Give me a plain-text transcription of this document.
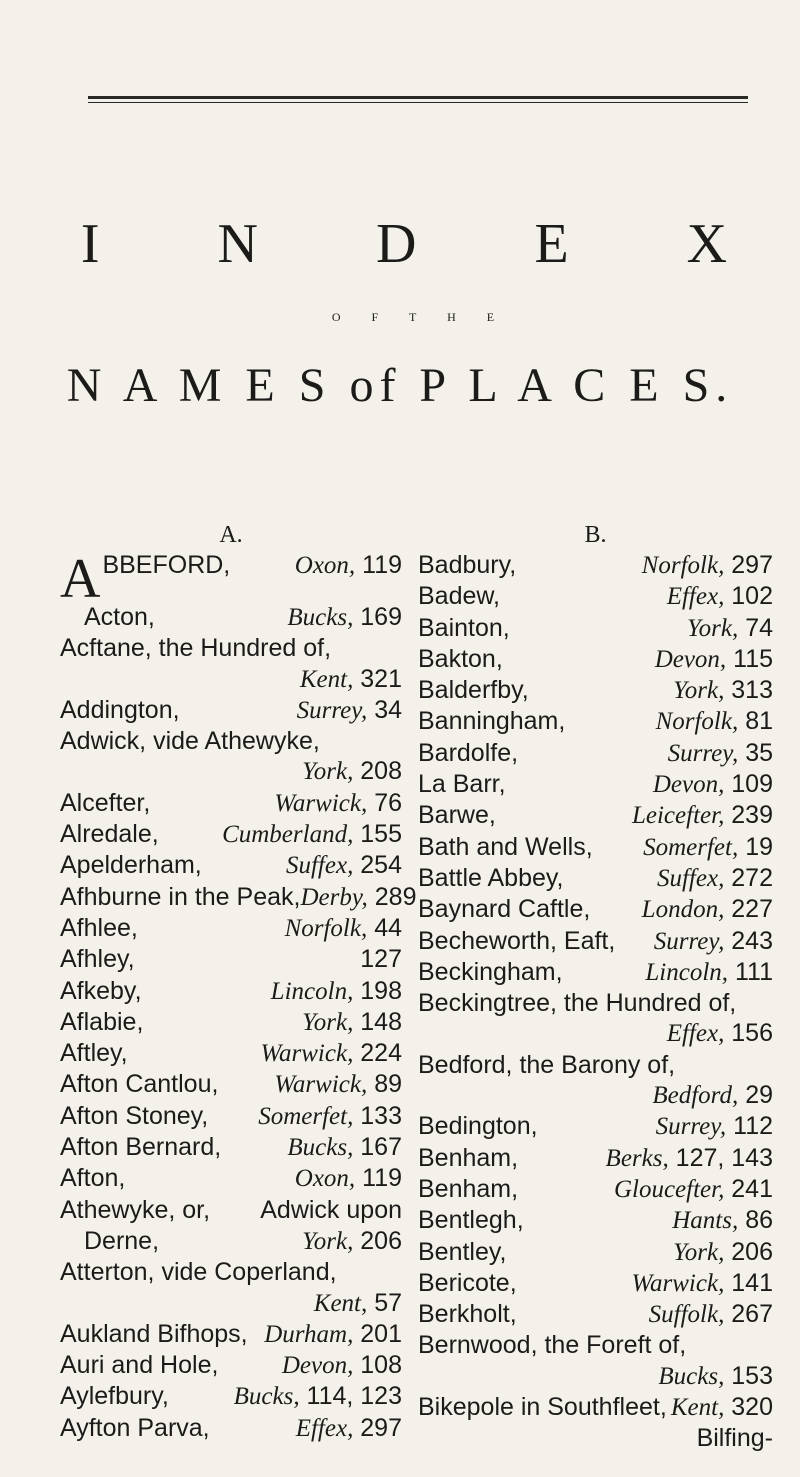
I N D E X
O F T H E
N A M E S of P L A C E S.
A.
A BBEFORD,	Oxon, 119
Acton,	Bucks, 169
Acftane, the Hundred of,
Kent, 321
Addington,	Surrey, 34
Adwick, vide Athewyke,
York, 208
Alcefter,	Warwick, 76
Alredale,	Cumberland, 155
Apelderham,	Suffex, 254
Afhburne in the Peak, Derby, 289
Afhlee,	Norfolk, 44
Afhley,	127
Afkeby,	Lincoln, 198
Aflabie,	York, 148
Aftley,	Warwick, 224
Afton Cantlou, Warwick, 89
Afton Stoney, Somerfet, 133
Afton Bernard,	Bucks, 167
Afton,	Oxon, 119
Athewyke, or, Adwick upon
Derne,	York, 206
Atterton, vide Coperland,
Kent, 57
Aukland Bifhops, Durham, 201
Auri and Hole,	Devon, 108
Aylefbury,	Bucks, 114, 123
Ayfton Parva,	Effex, 297
B.
Badbury,	Norfolk, 297
Badew,	Effex, 102
Bainton,	York, 74
Bakton,	Devon, 115
Balderfby,	York, 313
Banningham,	Norfolk, 81
Bardolfe,	Surrey, 35
La Barr,	Devon, 109
Barwe,	Leicefter, 239
Bath and Wells, Somerfet, 19
Battle Abbey,	Suffex, 272
Baynard Caftle, London, 227
Becheworth, Eaft, Surrey, 243
Beckingham,	Lincoln, 111
Beckingtree, the Hundred of,
Effex, 156
Bedford, the Barony of,
Bedford, 29
Bedington,	Surrey, 112
Benham,	Berks, 127, 143
Benham,	Gloucefter, 241
Bentlegh,	Hants, 86
Bentley,	York, 206
Bericote,	Warwick, 141
Berkholt,	Suffolk, 267
Bernwood, the Foreft of,
Bucks, 153
Bikepole in Southfleet, Kent, 320
Bilfing-
